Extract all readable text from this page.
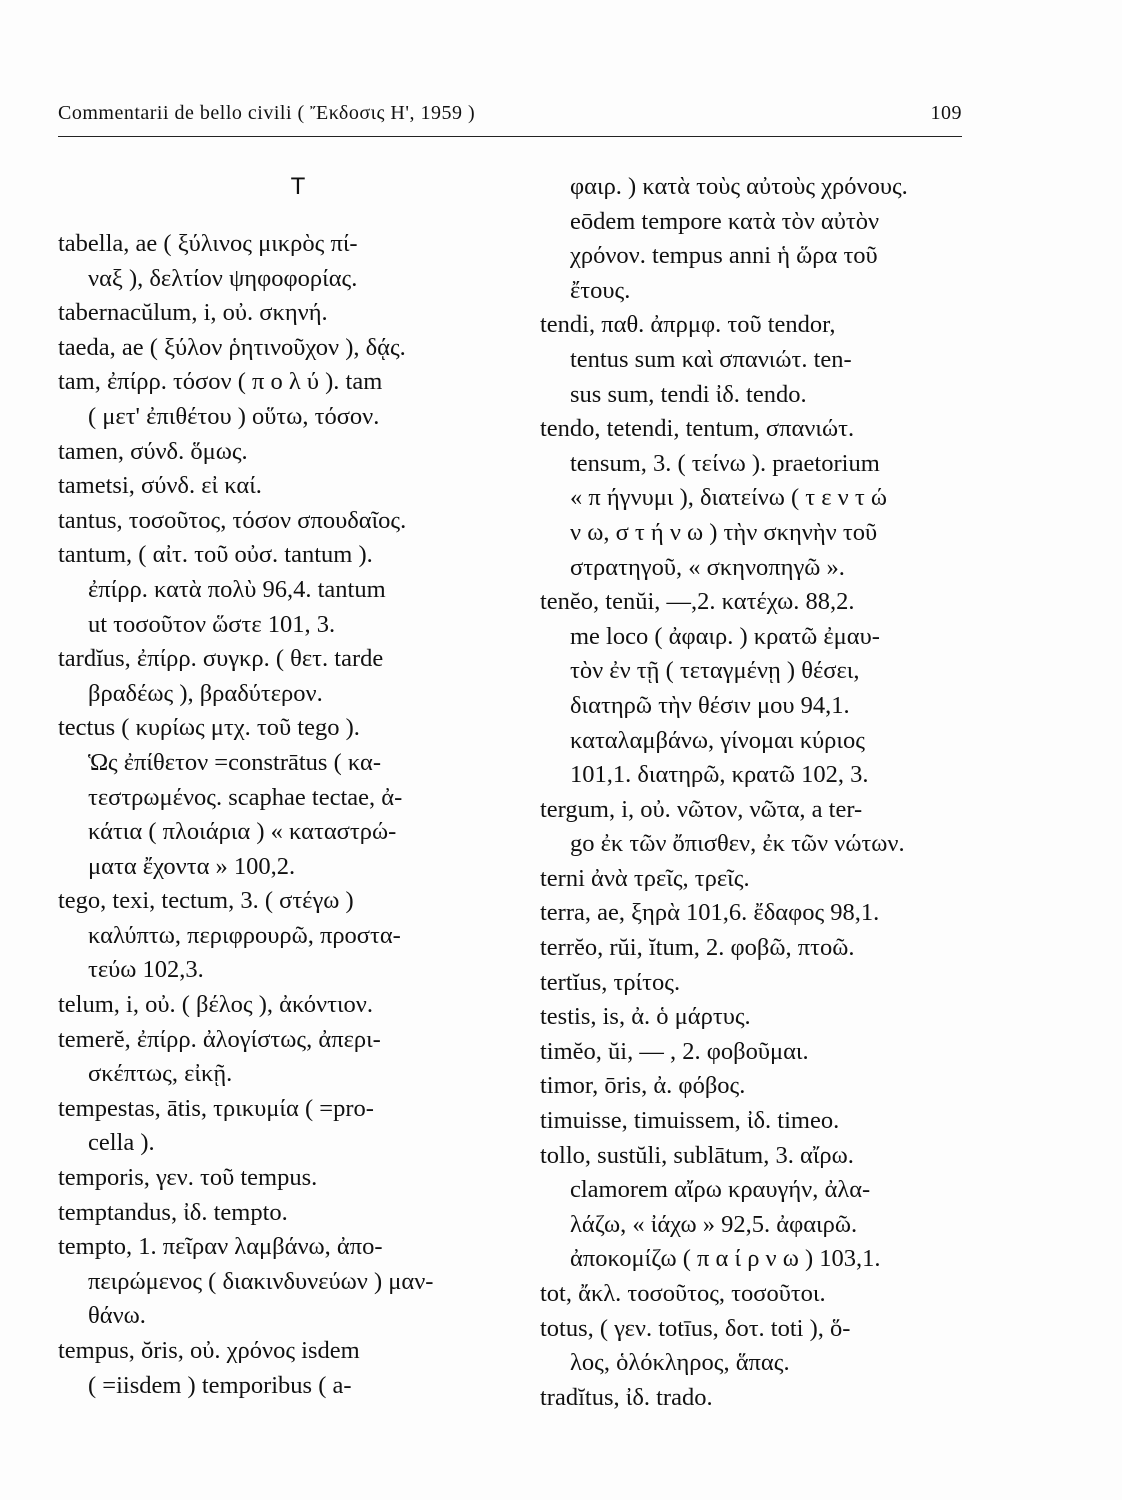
Commentarii de bello civili ( Ἔκδοσις Η', 1959 )	109
T
tabella, ae ( ξύλινος μικρὸς πί-
ναξ ), δελτίον ψηφοφορίας.
tabernacŭlum, i, οὐ. σκηνή.
taeda, ae ( ξύλον ῥητινοῦχον ), δᾴς.
tam, ἐπίρρ. τόσον ( π ο λ ύ ). tam
( μετ' ἐπιθέτου ) οὕτω, τόσον.
tamen, σύνδ. ὅμως.
tametsi, σύνδ. εἰ καί.
tantus, τοσοῦτος, τόσον σπουδαῖος.
tantum, ( αἰτ. τοῦ οὐσ. tantum ).
ἐπίρρ. κατὰ πολὺ 96,4. tantum
ut τοσοῦτον ὥστε 101, 3.
tardĭus, ἐπίρρ. συγκρ. ( θετ. tarde
βραδέως ), βραδύτερον.
tectus ( κυρίως μτχ. τοῦ tego ).
Ὡς ἐπίθετον =constrātus ( κα-
τεστρωμένος. scaphae tectae, ἀ-
κάτια ( πλοιάρια ) « καταστρώ-
ματα ἔχοντα » 100,2.
tego, texi, tectum, 3. ( στέγω )
καλύπτω, περιφρουρῶ, προστα-
τεύω 102,3.
telum, i, οὐ. ( βέλος ), ἀκόντιον.
temerĕ, ἐπίρρ. ἀλογίστως, ἀπερι-
σκέπτως, εἰκῇ.
tempestas, ātis, τρικυμία ( =pro-
cella ).
temporis, γεν. τοῦ tempus.
temptandus, ἰδ. tempto.
tempto, 1. πεῖραν λαμβάνω, ἀπο-
πειρώμενος ( διακινδυνεύων ) μαν-
θάνω.
tempus, ŏris, οὐ. χρόνος isdem
( =iisdem ) temporibus ( a-
φαιρ. ) κατὰ τοὺς αὐτοὺς χρόνους.
eōdem tempore κατὰ τὸν αὐτὸν
χρόνον. tempus anni ἡ ὥρα τοῦ
ἔτους.
tendi, παθ. ἀπρμφ. τοῦ tendor,
tentus sum καὶ σπανιώτ. ten-
sus sum, tendi ἰδ. tendo.
tendo, tetendi, tentum, σπανιώτ.
tensum, 3. ( τείνω ). praetorium
« π ήγνυμι ), διατείνω ( τ ε ν τ ώ
ν ω, σ τ ή ν ω ) τὴν σκηνὴν τοῦ
στρατηγοῦ, « σκηνοπηγῶ ».
tenĕo, tenŭi, —,2. κατέχω. 88,2.
me loco ( ἀφαιρ. ) κρατῶ ἐμαυ-
τὸν ἐν τῇ ( τεταγμένῃ ) θέσει,
διατηρῶ τὴν θέσιν μου 94,1.
καταλαμβάνω, γίνομαι κύριος
101,1. διατηρῶ, κρατῶ 102, 3.
tergum, i, οὐ. νῶτον, νῶτα, a ter-
go ἐκ τῶν ὄπισθεν, ἐκ τῶν νώτων.
terni ἀνὰ τρεῖς, τρεῖς.
terra, ae, ξηρὰ 101,6. ἔδαφος 98,1.
terrĕo, rŭi, ĭtum, 2. φοβῶ, πτοῶ.
tertĭus, τρίτος.
testis, is, ἀ. ὁ μάρτυς.
timĕo, ŭi, — , 2. φοβοῦμαι.
timor, ōris, ἀ. φόβος.
timuisse, timuissem, ἰδ. timeo.
tollo, sustŭli, sublātum, 3. αἴρω.
clamorem αἴρω κραυγήν, ἀλα-
λάζω, « ἰάχω » 92,5. ἀφαιρῶ.
ἀποκομίζω ( π α ί ρ ν ω ) 103,1.
tot, ἄκλ. τοσοῦτος, τοσοῦτοι.
totus, ( γεν. totīus, δοτ. toti ), ὅ-
λος, ὁλόκληρος, ἅπας.
tradĭtus, ἰδ. trado.
